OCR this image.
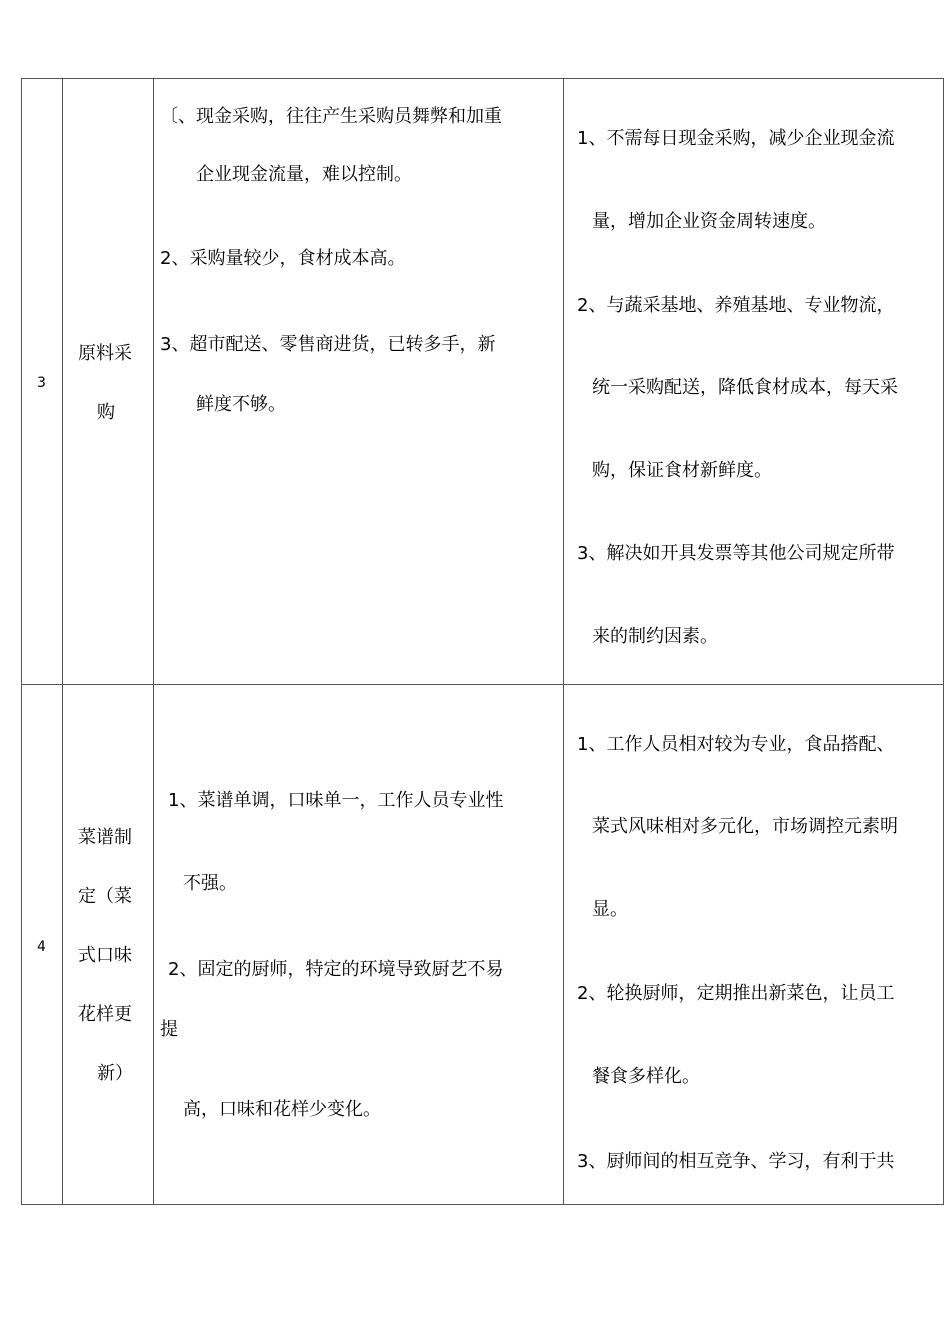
3
原料采
购
〔、现金采购，往往产生采购员舞弊和加重
企业现金流量，难以控制。
2、采购量较少，食材成本高。
3、超市配送、零售商进货，已转多手，新
鲜度不够。
1、不需每日现金采购，减少企业现金流
量，增加企业资金周转速度。
2、与蔬采基地、养殖基地、专业物流，
统一采购配送，降低食材成本，每天采
购，保证食材新鲜度。
3、解决如开具发票等其他公司规定所带
来的制约因素。
4
菜谱制
定（菜
式口味
花样更
新）
1、菜谱单调，口味单一，工作人员专业性
不强。
2、固定的厨师，特定的环境导致厨艺不易
提
高，口味和花样少变化。
1、工作人员相对较为专业，食品搭配、
菜式风味相对多元化，市场调控元素明
显。
2、轮换厨师，定期推出新菜色，让员工
餐食多样化。
3、厨师间的相互竞争、学习，有利于共
